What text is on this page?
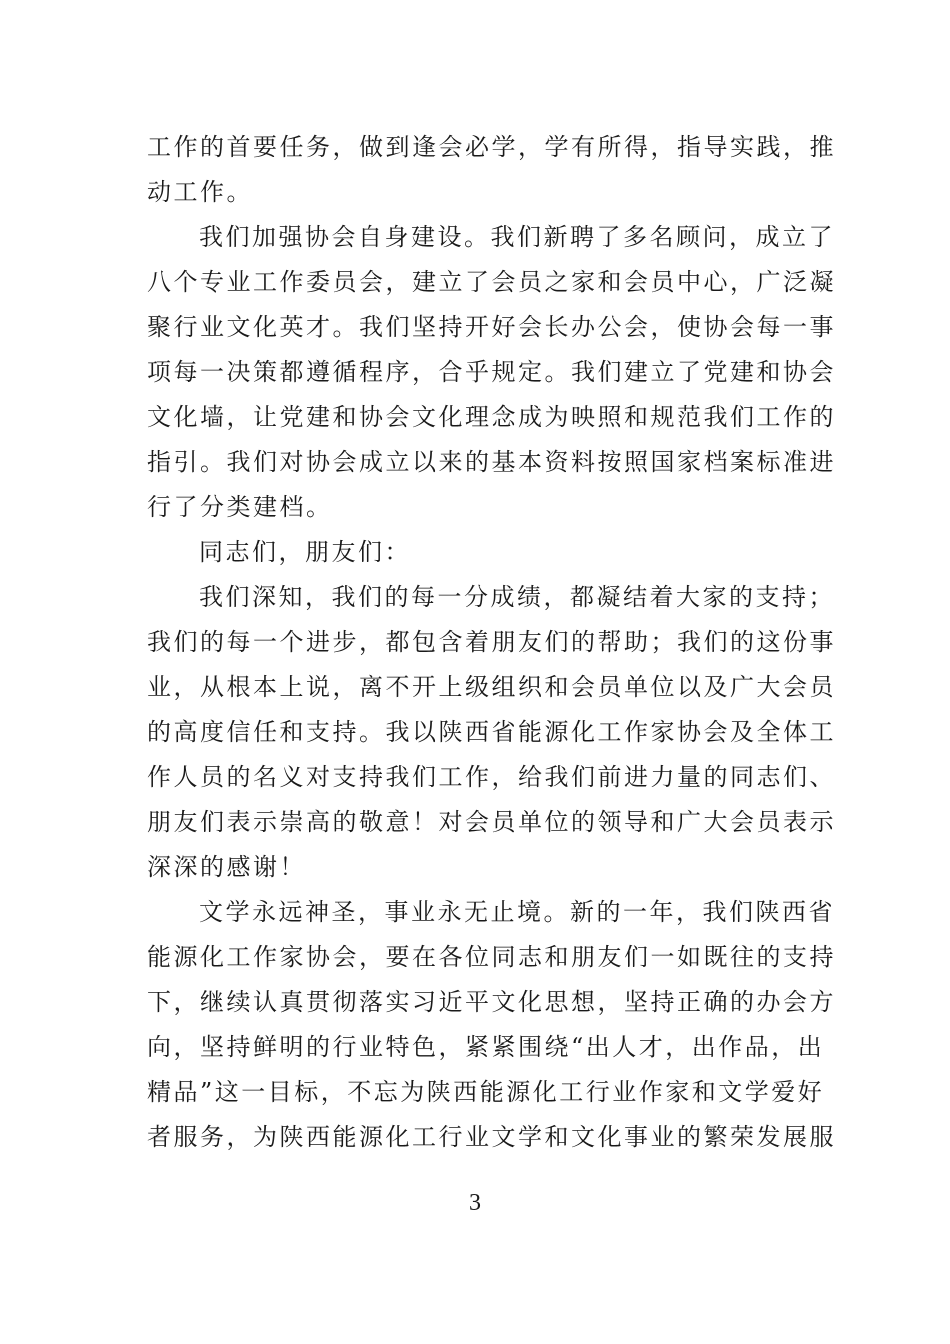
工作的首要任务，做到逢会必学，学有所得，指导实践，推
动工作。
我们加强协会自身建设。我们新聘了多名顾问，成立了
八个专业工作委员会，建立了会员之家和会员中心，广泛凝
聚行业文化英才。我们坚持开好会长办公会，使协会每一事
项每一决策都遵循程序，合乎规定。我们建立了党建和协会
文化墙，让党建和协会文化理念成为映照和规范我们工作的
指引。我们对协会成立以来的基本资料按照国家档案标准进
行了分类建档。
同志们，朋友们：
我们深知，我们的每一分成绩，都凝结着大家的支持；
我们的每一个进步，都包含着朋友们的帮助；我们的这份事
业，从根本上说，离不开上级组织和会员单位以及广大会员
的高度信任和支持。我以陕西省能源化工作家协会及全体工
作人员的名义对支持我们工作，给我们前进力量的同志们、
朋友们表示崇高的敬意！对会员单位的领导和广大会员表示
深深的感谢！
文学永远神圣，事业永无止境。新的一年，我们陕西省
能源化工作家协会，要在各位同志和朋友们一如既往的支持
下，继续认真贯彻落实习近平文化思想，坚持正确的办会方
向，坚持鲜明的行业特色，紧紧围绕“出人才，出作品，出
精品”这一目标，不忘为陕西能源化工行业作家和文学爱好
者服务，为陕西能源化工行业文学和文化事业的繁荣发展服
3
